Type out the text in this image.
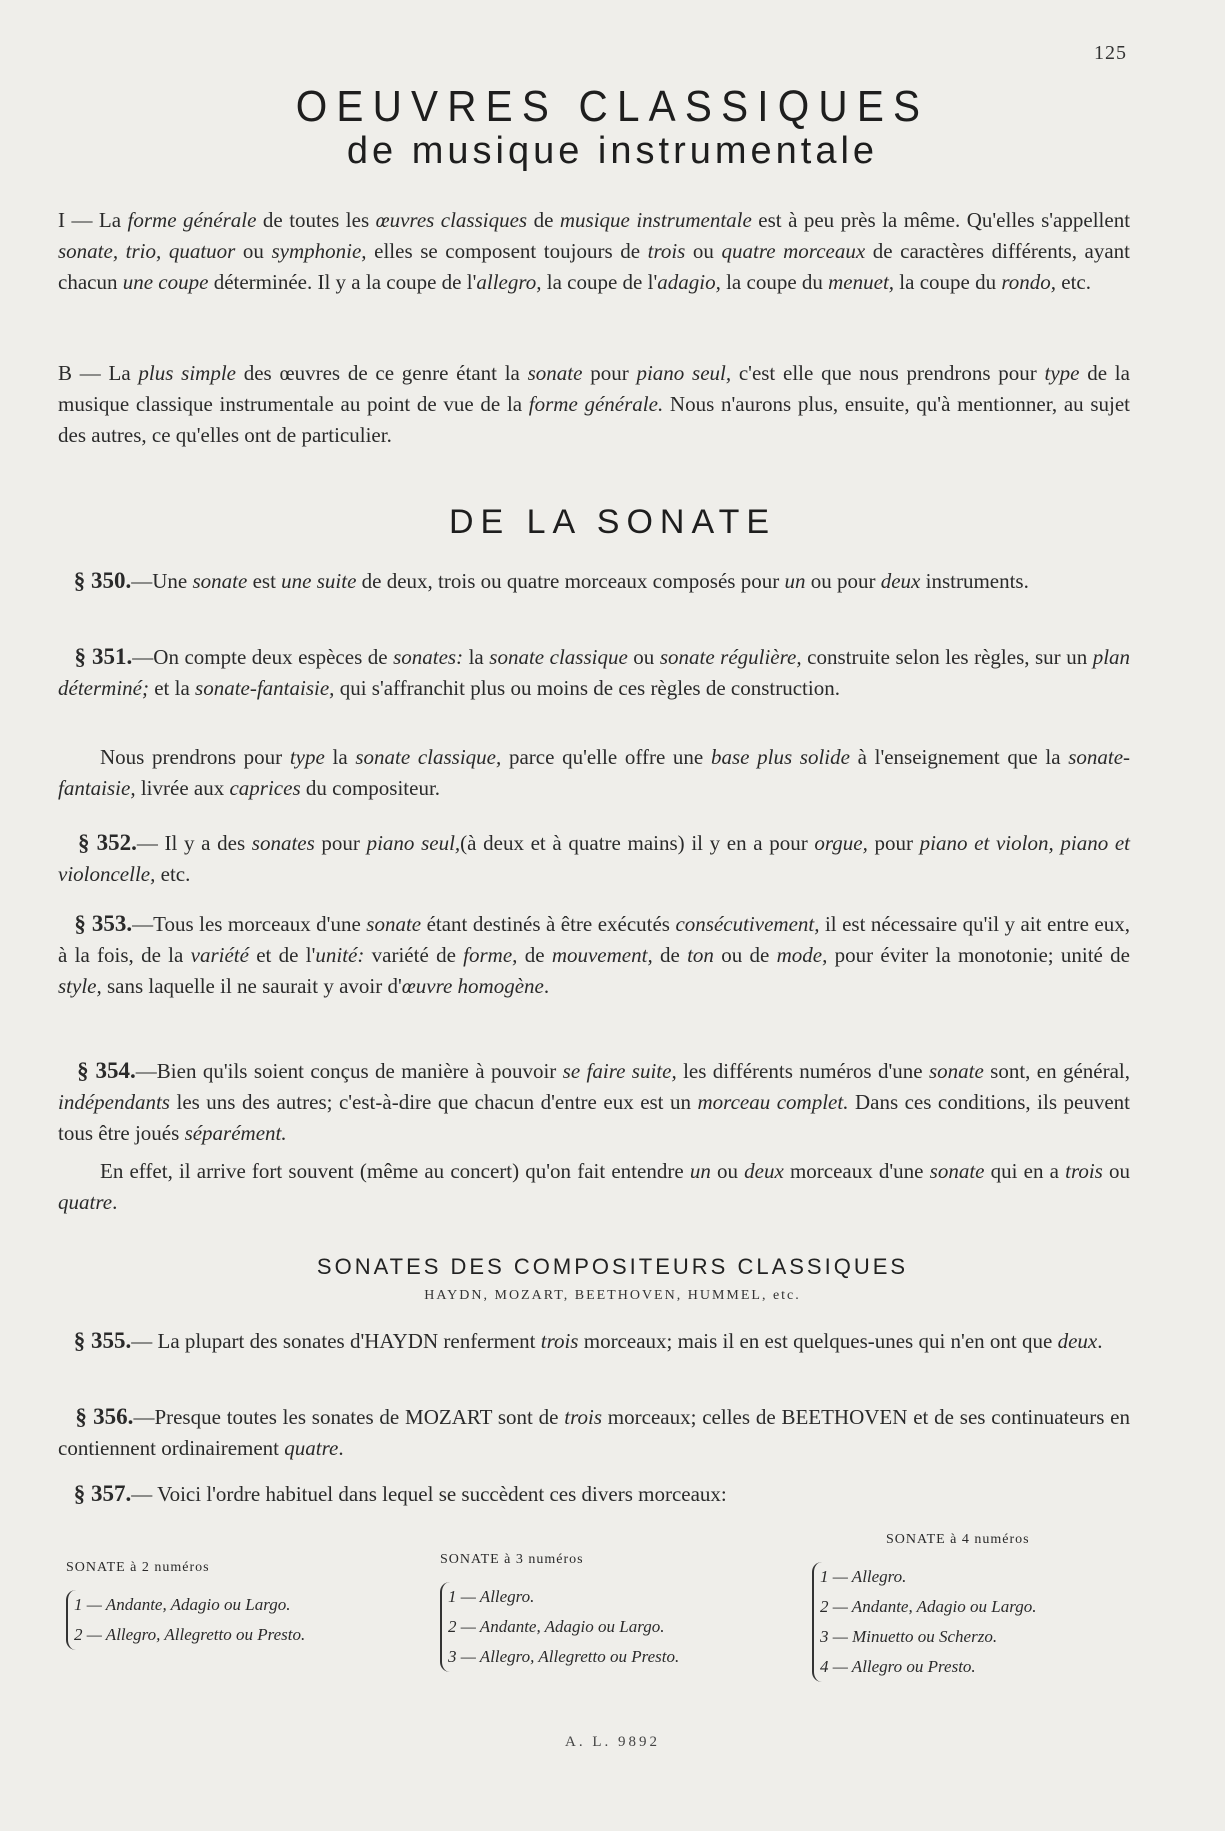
125
OEUVRES CLASSIQUES
de musique instrumentale
I — La forme générale de toutes les œuvres classiques de musique instrumentale est à peu près la même. Qu'elles s'appellent sonate, trio, quatuor ou symphonie, elles se composent toujours de trois ou quatre morceaux de caractères différents, ayant chacun une coupe déterminée. Il y a la coupe de l'allegro, la coupe de l'adagio, la coupe du menuet, la coupe du rondo, etc.
B — La plus simple des œuvres de ce genre étant la sonate pour piano seul, c'est elle que nous prendrons pour type de la musique classique instrumentale au point de vue de la forme générale. Nous n'aurons plus, ensuite, qu'à mentionner, au sujet des autres, ce qu'elles ont de particulier.
DE LA SONATE
§ 350.—Une sonate est une suite de deux, trois ou quatre morceaux composés pour un ou pour deux instruments.
§ 351.—On compte deux espèces de sonates: la sonate classique ou sonate régulière, construite selon les règles, sur un plan déterminé; et la sonate-fantaisie, qui s'affranchit plus ou moins de ces règles de construction.
Nous prendrons pour type la sonate classique, parce qu'elle offre une base plus solide à l'enseignement que la sonate-fantaisie, livrée aux caprices du compositeur.
§ 352.— Il y a des sonates pour piano seul,(à deux et à quatre mains) il y en a pour orgue, pour piano et violon, piano et violoncelle, etc.
§ 353.—Tous les morceaux d'une sonate étant destinés à être exécutés consécutivement, il est nécessaire qu'il y ait entre eux, à la fois, de la variété et de l'unité: variété de forme, de mouvement, de ton ou de mode, pour éviter la monotonie; unité de style, sans laquelle il ne saurait y avoir d'œuvre homogène.
§ 354.—Bien qu'ils soient conçus de manière à pouvoir se faire suite, les différents numéros d'une sonate sont, en général, indépendants les uns des autres; c'est-à-dire que chacun d'entre eux est un morceau complet. Dans ces conditions, ils peuvent tous être joués séparément.
En effet, il arrive fort souvent (même au concert) qu'on fait entendre un ou deux morceaux d'une sonate qui en a trois ou quatre.
SONATES DES COMPOSITEURS CLASSIQUES
HAYDN, MOZART, BEETHOVEN, HUMMEL, etc.
§ 355.— La plupart des sonates d'HAYDN renferment trois morceaux; mais il en est quelques-unes qui n'en ont que deux.
§ 356.—Presque toutes les sonates de MOZART sont de trois morceaux; celles de BEETHOVEN et de ses continuateurs en contiennent ordinairement quatre.
§ 357.— Voici l'ordre habituel dans lequel se succèdent ces divers morceaux:
SONATE à 2 numéros
1 — Andante, Adagio ou Largo.
2 — Allegro, Allegretto ou Presto.
SONATE à 3 numéros
1 — Allegro.
2 — Andante, Adagio ou Largo.
3 — Allegro, Allegretto ou Presto.
SONATE à 4 numéros
1 — Allegro.
2 — Andante, Adagio ou Largo.
3 — Minuetto ou Scherzo.
4 — Allegro ou Presto.
A. L. 9892
